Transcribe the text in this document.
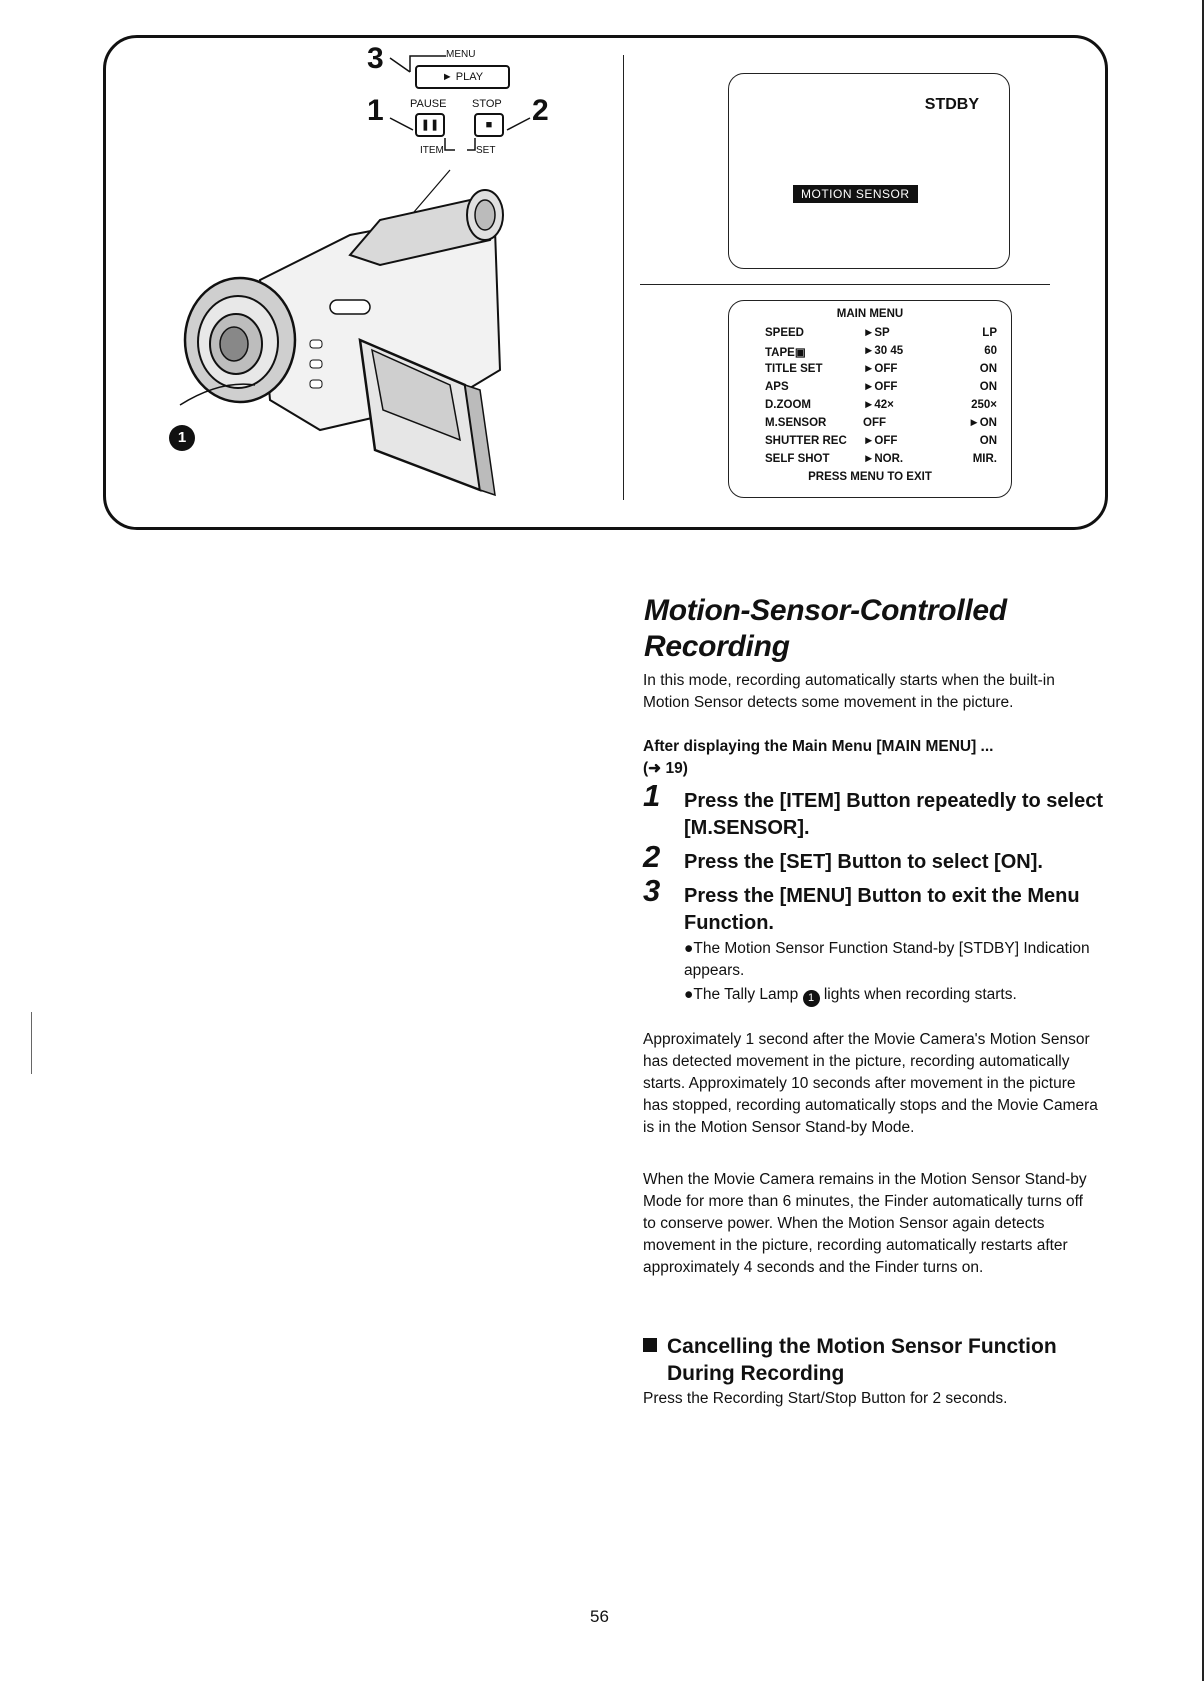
3	MENU
► PLAY
1	2
PAUSE STOP
❚❚	■
ITEM	SET
1
STDBY
MOTION SENSOR
MAIN MENU
SPEED	►SP	LP
TAPE▣	►30 45	60
TITLE SET	►OFF	ON
APS	►OFF	ON
D.ZOOM	►42×	250×
M.SENSOR	OFF	►ON
SHUTTER REC ►OFF	ON
SELF SHOT	►NOR.	MIR.
PRESS MENU TO EXIT
Motion-Sensor-Controlled Recording
In this mode, recording automatically starts when the built-in Motion Sensor detects some movement in the picture.
After displaying the Main Menu [MAIN MENU] ...
(➜ 19)
1 Press the [ITEM] Button repeatedly to select [M.SENSOR].
2 Press the [SET] Button to select [ON].
3 Press the [MENU] Button to exit the Menu Function.
●The Motion Sensor Function Stand-by [STDBY] Indication appears.
●The Tally Lamp 1 lights when recording starts.
Approximately 1 second after the Movie Camera's Motion Sensor has detected movement in the picture, recording automatically starts. Approximately 10 seconds after movement in the picture has stopped, recording automatically stops and the Movie Camera is in the Motion Sensor Stand-by Mode.
When the Movie Camera remains in the Motion Sensor Stand-by Mode for more than 6 minutes, the Finder automatically turns off to conserve power. When the Motion Sensor again detects movement in the picture, recording automatically restarts after approximately 4 seconds and the Finder turns on.
Cancelling the Motion Sensor Function During Recording
Press the Recording Start/Stop Button for 2 seconds.
56
